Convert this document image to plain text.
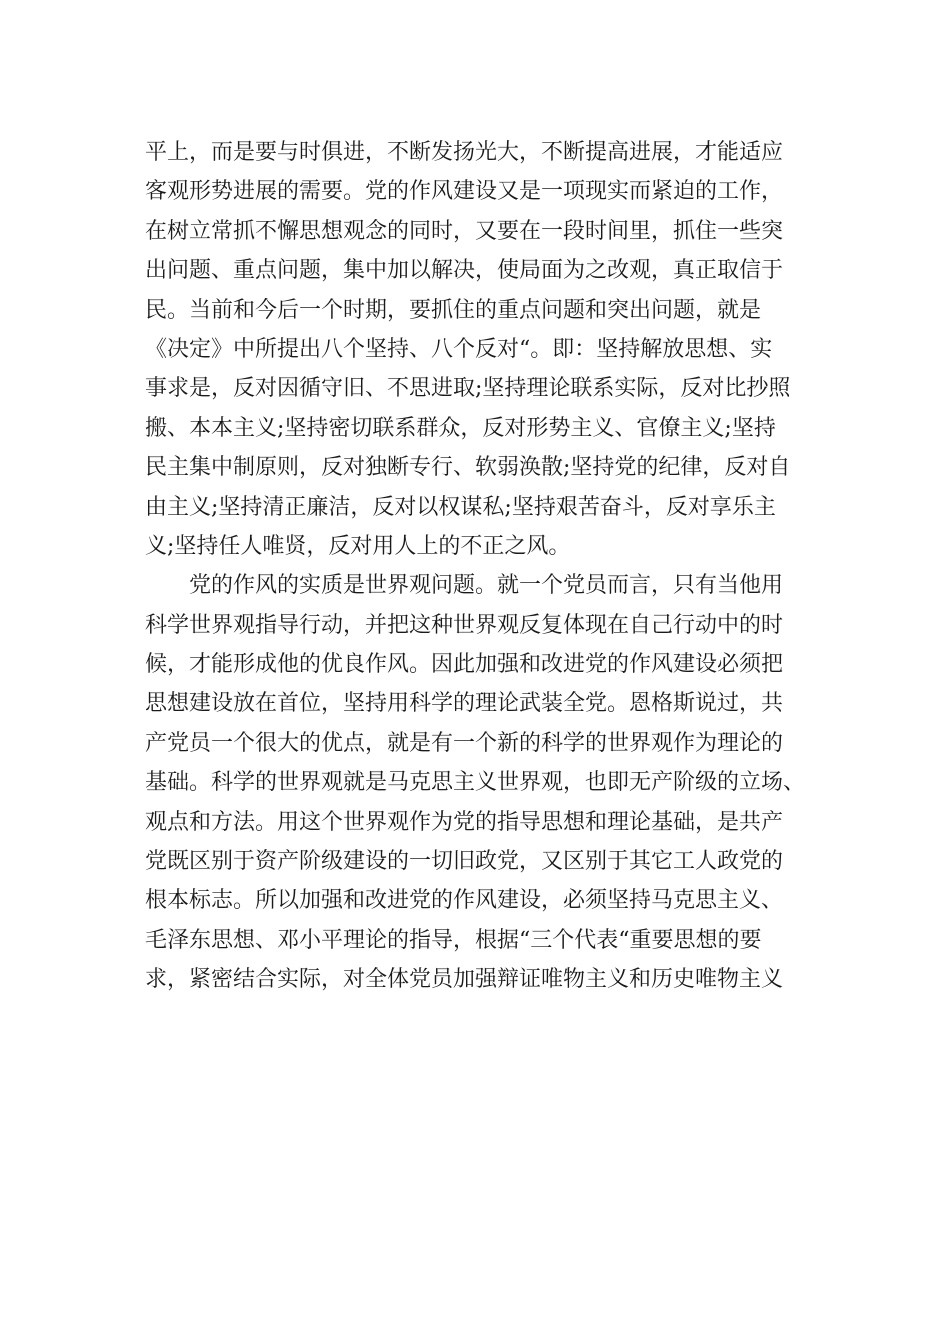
平上，而是要与时俱进，不断发扬光大，不断提高进展，才能适应
客观形势进展的需要。党的作风建设又是一项现实而紧迫的工作，
在树立常抓不懈思想观念的同时，又要在一段时间里，抓住一些突
出问题、重点问题，集中加以解决，使局面为之改观，真正取信于
民。当前和今后一个时期，要抓住的重点问题和突出问题，就是
《决定》中所提出八个坚持、八个反对“。即：坚持解放思想、实
事求是，反对因循守旧、不思进取;坚持理论联系实际，反对比抄照
搬、本本主义;坚持密切联系群众，反对形势主义、官僚主义;坚持
民主集中制原则，反对独断专行、软弱涣散;坚持党的纪律，反对自
由主义;坚持清正廉洁，反对以权谋私;坚持艰苦奋斗，反对享乐主
义;坚持任人唯贤，反对用人上的不正之风。
党的作风的实质是世界观问题。就一个党员而言，只有当他用
科学世界观指导行动，并把这种世界观反复体现在自己行动中的时
候，才能形成他的优良作风。因此加强和改进党的作风建设必须把
思想建设放在首位，坚持用科学的理论武装全党。恩格斯说过，共
产党员一个很大的优点，就是有一个新的科学的世界观作为理论的
基础。科学的世界观就是马克思主义世界观，也即无产阶级的立场、
观点和方法。用这个世界观作为党的指导思想和理论基础，是共产
党既区别于资产阶级建设的一切旧政党，又区别于其它工人政党的
根本标志。所以加强和改进党的作风建设，必须坚持马克思主义、
毛泽东思想、邓小平理论的指导，根据“三个代表“重要思想的要
求，紧密结合实际，对全体党员加强辩证唯物主义和历史唯物主义
